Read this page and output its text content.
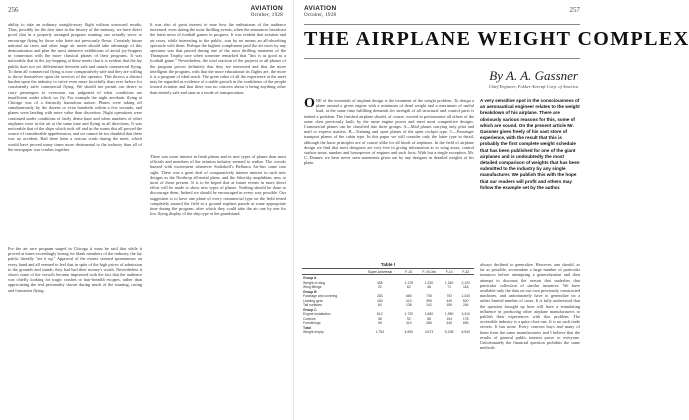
256	AVIATION
October, 1928
ability to take an ordinary straight-away flight without untoward results. Thus, possibly for the first time in the history of the industry, we have direct proof that in a properly arranged program stunting can actually serve to encourage flying by those who have not previously flown. Certainly future national air races and other large air meets should take advantage of this demonstration and plan the most intensive exhibitions of aerial joy-hoppers in connection with the more classical phases of their programs. It was noticeable that in the joy-hopping at these meets that it is evident that the lay public does not yet differentiate between safe and unsafe commercial flying. To them all commercial flying is now comparatively safe and they are willing to throw themselves upon the services of the operator. This throws a distinct burden upon the industry to strive even more forcefully than ever before for consistently safer commercial flying. We should not permit our desire to carry passengers to overcome our judgment of what conditions are insufficient under which we fly. For example the night aerobatic flying at Chicago was of a distinctly hazardous nature. Planes were taking off simultaneously by the dozens or even hundreds within a few seconds, and planes were landing with more value than discretion. Night operations were continued under conditions of fairly dense haze and when numbers of other airplanes were in the air at the same time and flying in all directions. It was noticeable that of the ships which took off and in the stunts this all proved the source of considerable apprehension, and we cannot be too thankful that there was no accident. Had there been a serious crash during the meet, which would have proved many times more detrimental to the industry than all of the newspaper war crashes together.
For the air race program staged in Chicago it must be said that while it proved at times exceedingly boring for blank members of the industry, the lay public literally "ate it up." Approval of the events seemed spontaneous on every hand and all seemed to feel that in spite of the high prices of admission to the grounds and stands, they had had their money's worth. Nevertheless it shows some of the crowd's became impressed with the fact that the audience was chiefly looking for tragic crashes or hair-breadth escapes, rather than appreciating the real personality shown during much of the stunting, racing and formation flying.
It was also of great interest to note how the enthusiasm of the audience increased, even during the most thrilling events, when the announcer broadcast the latest news of football games in progress. It was evident that aviation and air races, while interesting to the public, was by no means an all-absorbing spectacle with them. Perhaps the highest compliment paid the air races by any spectator was that passed during one of the most thrilling moments of the Thompson Trophy race when someone remarked that "this is as good as a football game." Nevertheless, the total reaction of the projects to all phases of the program proves definitely that they are interested and that the more intelligent the program, with that the more educational its flights are, the more it is a program of ideal reach. The great value of all the experience at the meet may be regarded as evidence of a stable growth in the confidence of the people toward aviation and that there was no concern about it being anything other than entirely safe and sane as a mode of transportation.
There was more interest in freak planes and in new types of planes than most officials and members of the aviation industry seemed to realize. The crowds buzzed with excitement whenever Stoltzhoff's Bellanca Air-bus came into sight. There was a great deal of comparatively intense interest in such new designs as the Northrop all-metal plane, and the Sikorsky amphibian, new to most of those present. It is to be hoped that at future events in more direct effort will be made to show new types of planes. Nothing should be done to discourage them. Indeed we should be encouraged in every way possible. Our suggestion is to have one plane of every commercial type on the field tested completely around the field in a ground airplane parade at some appropriate time during the program, after which they could take the air one by one for low flying display of the ship type at the grandstand.
AVIATION
October, 1928
257
THE AIRPLANE WEIGHT COMPLEX
By A. A. Gassner
Chief Engineer, Fokker Aircraft Corp. of America
O NE of the essentials of airplane design is the treatment of the weight problem. To design a plane around a given engine with a minimum of dead weight and a maximum of useful load, at the same time fulfilling demands for strength of all structural and control parts is indeed a problem. The finished airplane should, of course, exceed in performance all others of the same class previously built, by the same engine power and meet most competitive designs. Commercial planes can be classified into three groups: A—Mail planes carrying only pilot and mail or express matters. B—Training and sport planes of the open cockpit type. C—Passenger transport planes of the cabin type. In this paper we will consider only the latter type in detail, although the basic principles are of course alike for all kinds of airplanes. In the field of airplane design we find that most designers are very free in giving information as to wing areas, control surface areas, number and horsepower of engines and such facts. With but a single exception, Mr. C. Donner, we have never seen statements given out by any designer as detailed weights of his plane.
A very sensitive spot in the consciousness of an aeronautical engineer relates to the weight breakdown of his airplane. There are obviously various reasons for this, some of which are sound. On the present article Mr. Gassner gives freely of his vast store of experience, with the result that this is probably the first complete weight schedule that has been published for one of the giant airplanes and is undoubtedly the most detailed comparison of weights that has been submitted to the industry by any single manufacturer. We publish this with the hope that our readers will profit and others may follow the example set by the author.
always declined to generalize. However, one should, as far as possible, accumulate a large number of particular instances before attempting a generalization and then attempt to discount the reason that underlies that particular collection of similar instances. We have available only the data on our own previously constructed machines, and unfortunately have to generalize on a rather limited number of cases. It is fully understood that the question brought up here will have a stimulating influence in producing other airplane manufacturers to publish their experiences with this problem. The accessible industry is a quite close one. It is no such trade secrets. It has none. Every concern buys and many of them from the same manufacturers and I believe that the results of general public interest prove to everyone. Unfortunately the financial question prohibits the same methods.
Table I
	Super-Universal	F-10	F-VII-3m	F-14	F-32
Group A					
Weight of wing	455	1,178	1,230	1,340	2,120
Wing fittings	22	62	48	71	118
Group B					
Fuselage and covering	283	680	705	792	1,340
Landing gear	184	410	395	440	820
Tail surfaces	64	138	142	156	264
Group C					
Engine installation	612	1,720	1,680	1,950	3,410
Controls	38	92	88	104	178
Furnishings	96	310	285	345	690
Total					
Weight empty	1,754	4,590	4,573	5,198	8,940
